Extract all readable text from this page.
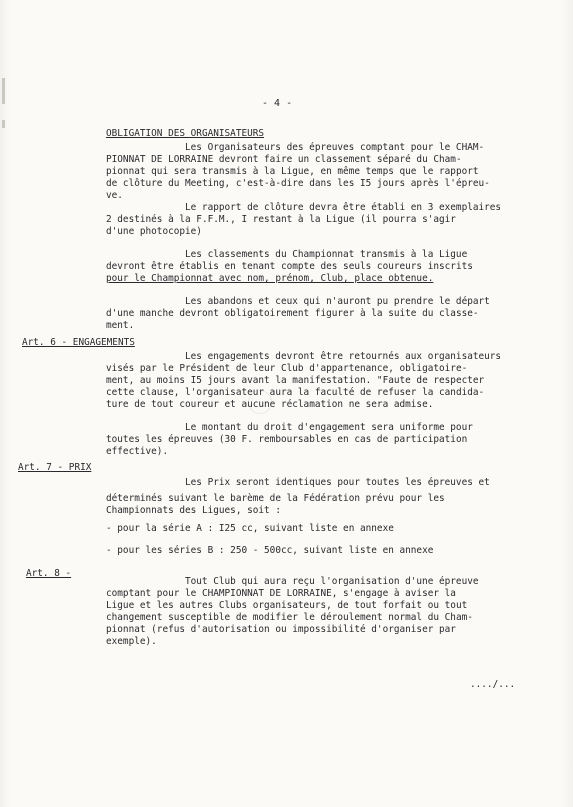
- 4 -
OBLIGATION DES ORGANISATEURS
Les Organisateurs des épreuves comptant pour le CHAM-
PIONNAT DE LORRAINE devront faire un classement séparé du Cham-
pionnat qui sera transmis à la Ligue, en même temps que le rapport
de clôture du Meeting, c'est-à-dire dans les I5 jours après l'épreu-
ve.
Le rapport de clôture devra être établi en 3 exemplaires
2 destinés à la F.F.M., I restant à la Ligue (il pourra s'agir
d'une photocopie)
Les classements du Championnat transmis à la Ligue
devront être établis en tenant compte des seuls coureurs inscrits
pour le Championnat avec nom, prénom, Club, place obtenue.
Les abandons et ceux qui n'auront pu prendre le départ
d'une manche devront obligatoirement figurer à la suite du classe-
ment.
Art. 6 - ENGAGEMENTS
Les engagements devront être retournés aux organisateurs
visés par le Président de leur Club d'appartenance, obligatoire-
ment, au moins I5 jours avant la manifestation. "Faute de respecter
cette clause, l'organisateur aura la faculté de refuser la candida-
ture de tout coureur et aucune réclamation ne sera admise.
Le montant du droit d'engagement sera uniforme pour
toutes les épreuves (30 F. remboursables en cas de participation
effective).
Art. 7 - PRIX
Les Prix seront identiques pour toutes les épreuves et
déterminés suivant le barème de la Fédération prévu pour les
Championnats des Ligues, soit :
- pour la série A : I25 cc, suivant liste en annexe
- pour les séries B : 250 - 500cc, suivant liste en annexe
Art. 8 -
Tout Club qui aura reçu l'organisation d'une épreuve
comptant pour le CHAMPIONNAT DE LORRAINE, s'engage à aviser la
Ligue et les autres Clubs organisateurs, de tout forfait ou tout
changement susceptible de modifier le déroulement normal du Cham-
pionnat (refus d'autorisation ou impossibilité d'organiser par
exemple).
..../...
